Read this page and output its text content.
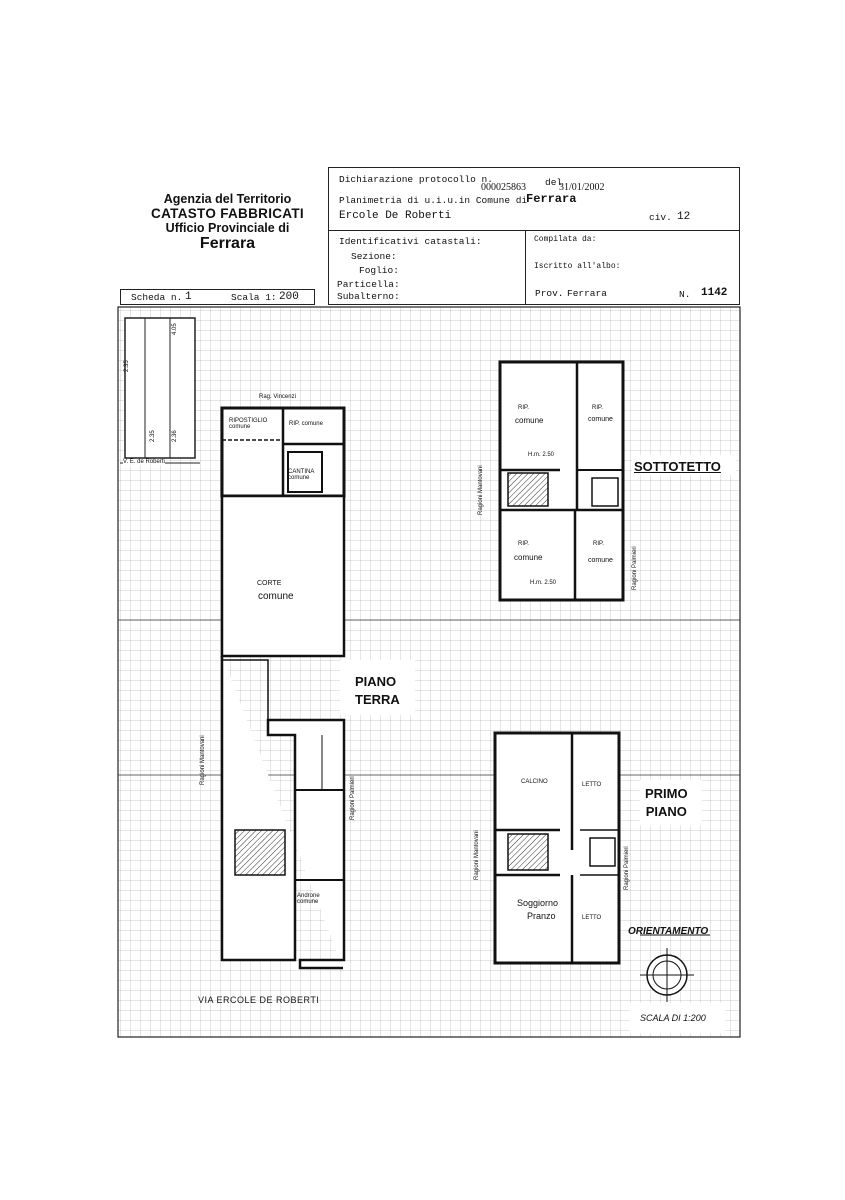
Agenzia del Territorio
CATASTO FABBRICATI
Ufficio Provinciale di
Ferrara
Dichiarazione protocollo n.
000025863 del
31/01/2002
Planimetria di u.i.u.in Comune di
Ferrara
Ercole De Roberti	civ. 12
Identificativi catastali:
Sezione:
Foglio:
Particella:
Subalterno:
Compilata da:
Iscritto all'albo:
Prov. Ferrara	N. 1142
Scheda n. 1	Scala 1: 200
PIANO
TERRA
SOTTOTETTO
PRIMO
PIANO
ORIENTAMENTO
SCALA DI 1:200
VIA ERCOLE DE ROBERTI
CORTE
comune
Rag. Vincenzi
RIPOSTIGLIO comune	RIP. comune
CANTINA comune
Androne comune
V. E. de Roberti
2.35
2.35	2.36
4.05
Ragioni Mantovani
Ragioni Palmieri
Ragioni Mantovani
Ragioni Palmieri
Ragioni Mantovani	Ragioni Palmieri
RIP.
comune
H.m. 2.50
RIP.
comune
RIP.
comune
H.m. 2.50
RIP.
comune
CALCINO	LETTO
Soggiorno
Pranzo	LETTO
